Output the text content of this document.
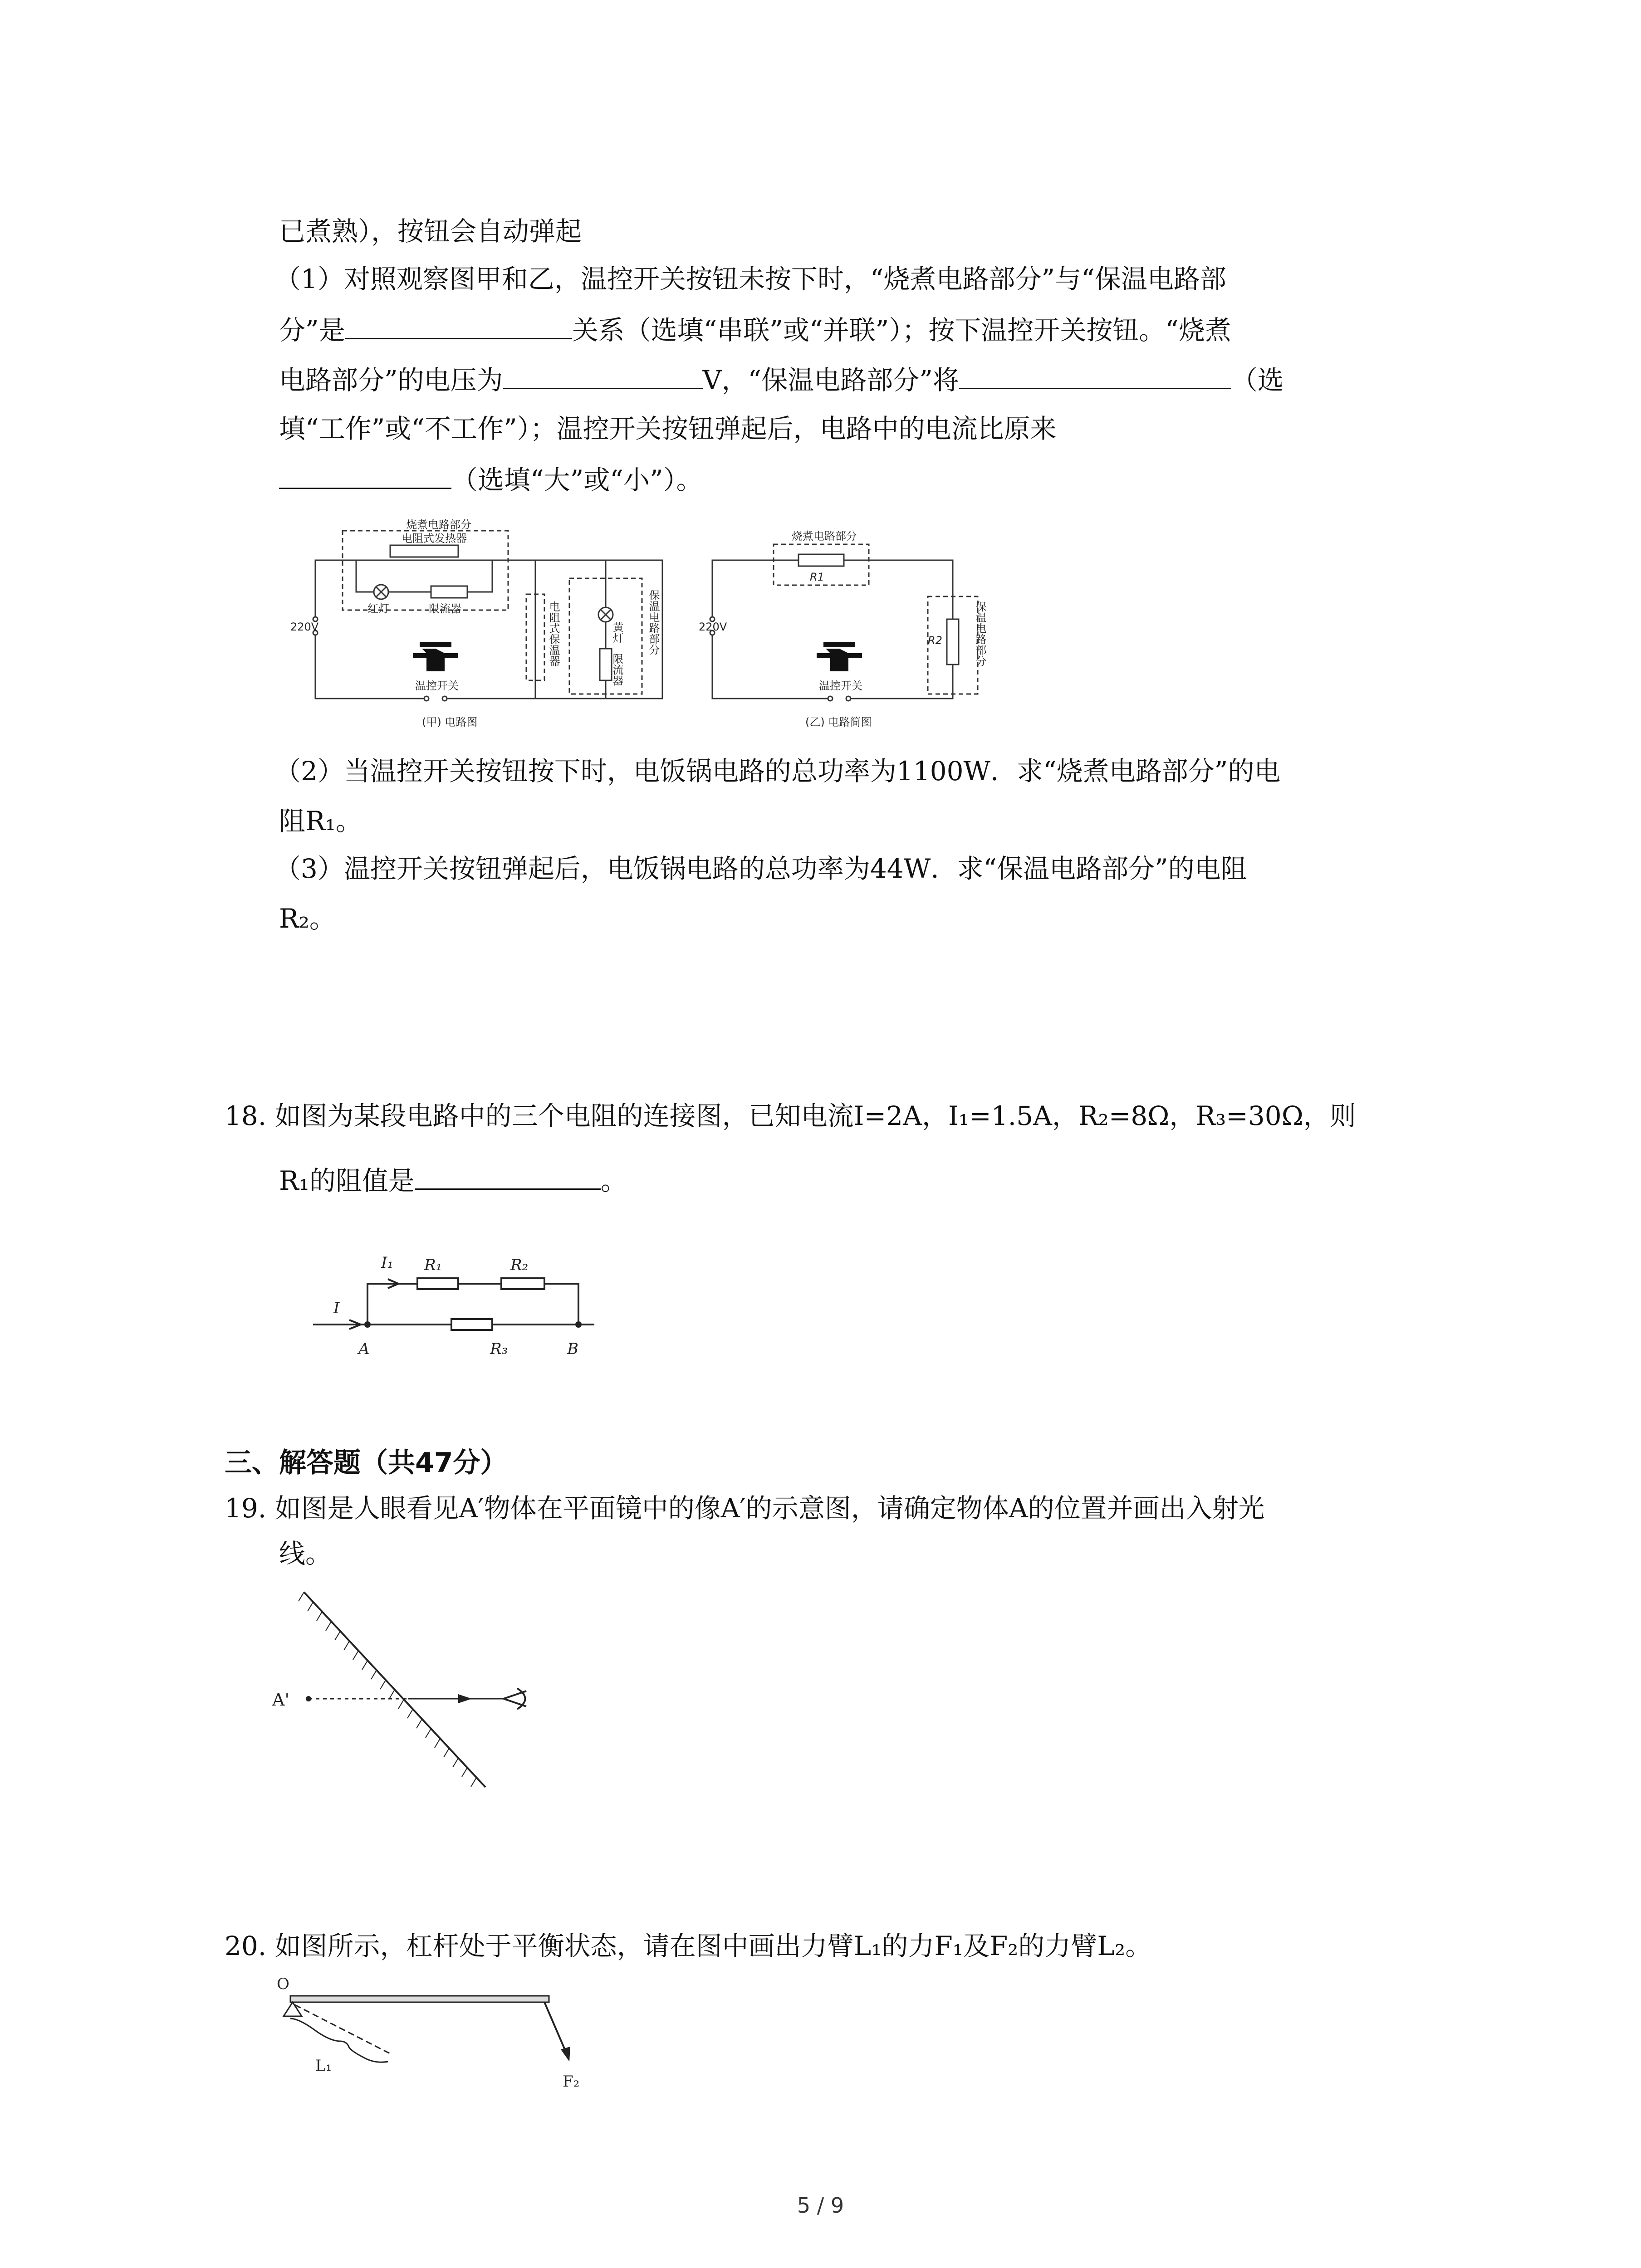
已煮熟），按钮会自动弹起
（1）对照观察图甲和乙，温控开关按钮未按下时，“烧煮电路部分”与“保温电路部
分”是	关系（选填“串联”或“并联”）；按下温控开关按钮。“烧煮
电路部分”的电压为	V，“保温电路部分”将	（选
填“工作”或“不工作”）；温控开关按钮弹起后，电路中的电流比原来
（选填“大”或“小”）。
烧煮电路部分
电阻式发热器
红灯	限流器
220V
温控开关
(甲) 电路图
黄灯
限流器
电阻式保温器	保温电路部分
烧煮电路部分
R1
220V
R2
温控开关
保温电路部分
(乙) 电路简图
（2）当温控开关按钮按下时，电饭锅电路的总功率为1100W．求“烧煮电路部分”的电
阻R₁。
（3）温控开关按钮弹起后，电饭锅电路的总功率为44W．求“保温电路部分”的电阻
R₂。
18. 如图为某段电路中的三个电阻的连接图，已知电流I=2A，I₁=1.5A，R₂=8Ω，R₃=30Ω，则
R₁的阻值是	。
I₁ R₁	R₂
I
A	R₃	B
三、解答题（共47分）
19. 如图是人眼看见A′物体在平面镜中的像A′的示意图，请确定物体A的位置并画出入射光
线。
A'
20. 如图所示，杠杆处于平衡状态，请在图中画出力臂L₁的力F₁及F₂的力臂L₂。
O
L₁
F₂
5 / 9
